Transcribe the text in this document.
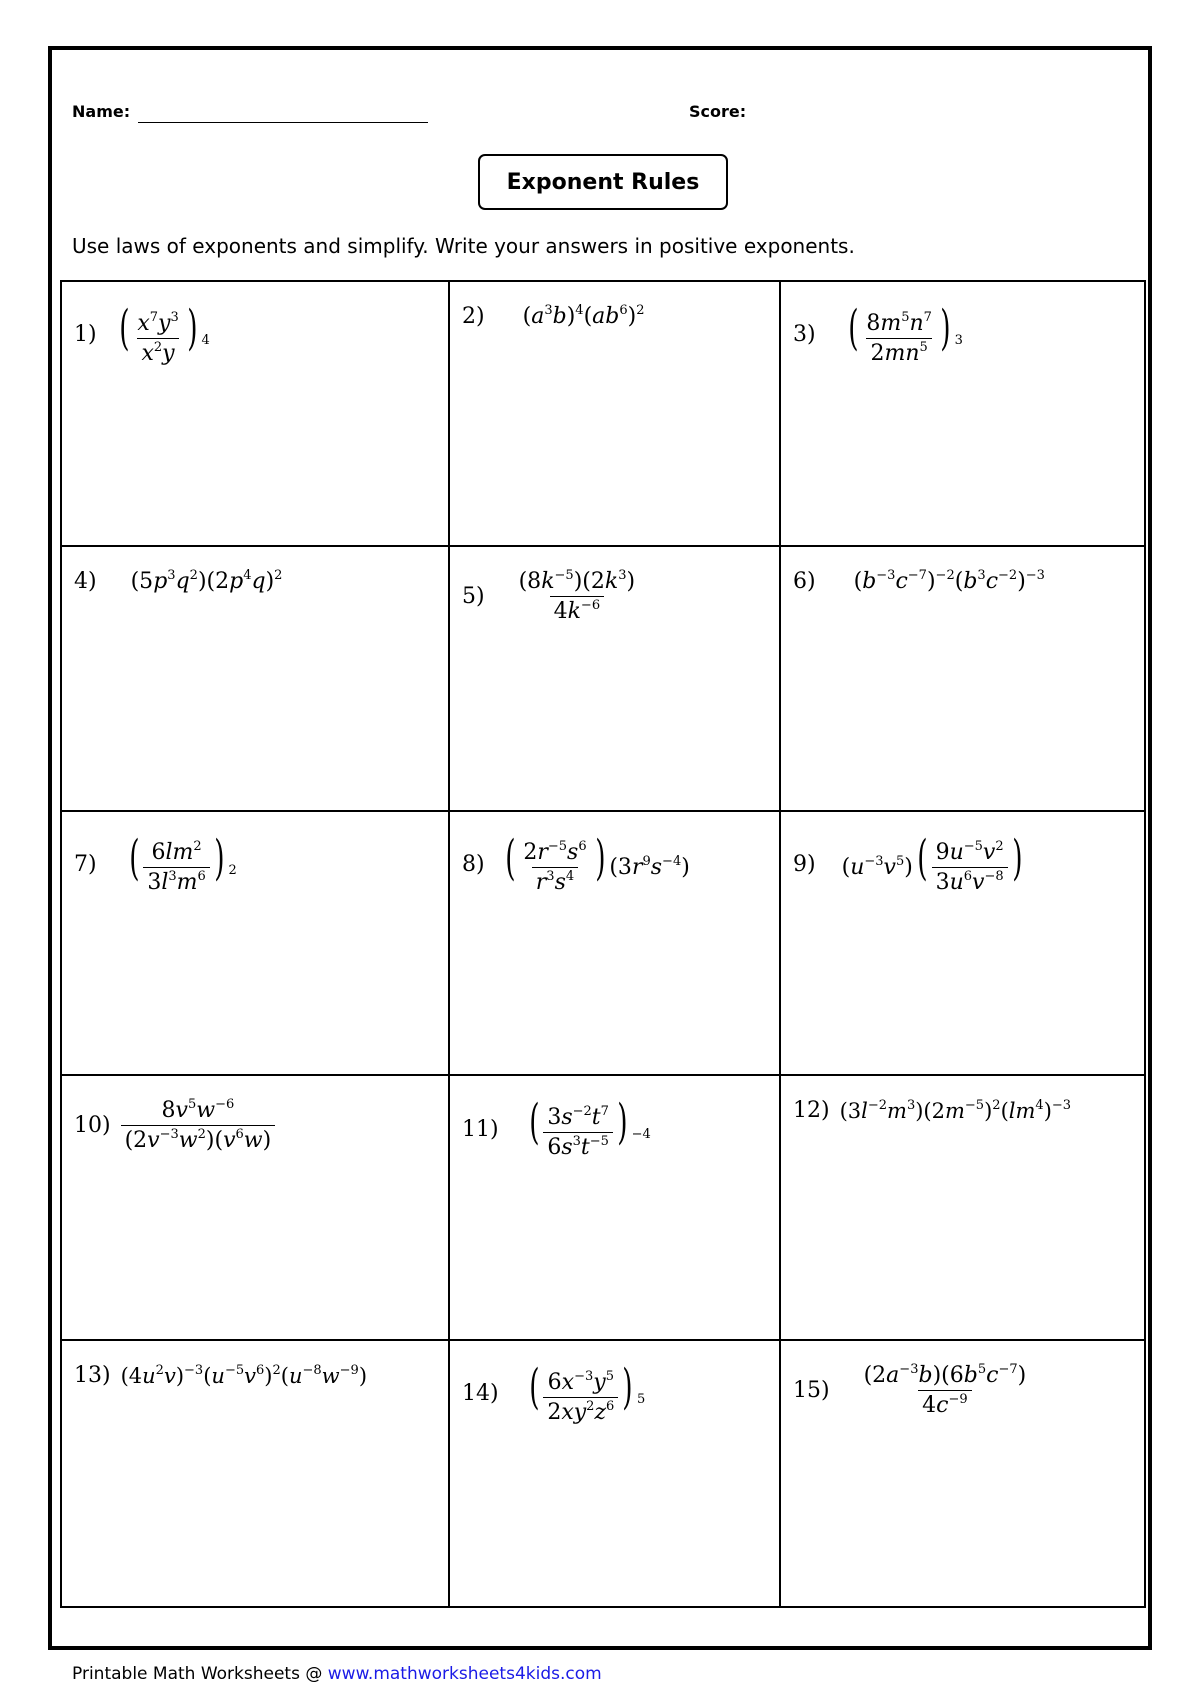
Name:	Score:
Exponent Rules
Use laws of exponents and simplify. Write your answers in positive exponents.
1) ( $\frac{x^7y^3}{x^2y}$ ) 4
2) $(a^3b)^4(ab^6)^2$
3) ( $\frac{8m^5n^7}{2mn^5}$ ) 3
4) $(5p^3q^2)(2p^4q)^2$
$5) \frac{(8k^{-5})(2k^3)}{4k^{-6}}$	6) $(b^{-3}c^{-7})^{-2}(b^3c^{-2})^{-3}$
7) ( $\frac{6lm^2}{3l^3m^6}$ ) 2	8) ( $\frac{2r^{-5}s^6}{r^3s^4}$ ) $(3r^9s^{-4})$	9) $(u^{-3}v^5)( \frac{9u^{-5}v^2}{3u^6v^{-8}}$ )
$10) \frac{8v^5w^{-6}}{(2v^{-3}w^2)(v^6w)}$	11) ( $\frac{3s^{-2}t^7}{6s^3t^{-5}}$ ) −4
12) $(3l^{-2}m^3)(2m^{-5})^2(lm^4)^{-3}$
13) $(4u^2v)^{-3}(u^{-5}v^6)^2(u^{-8}w^{-9})$
14) ( $\frac{6x^{-3}y^5}{2xy^2z^6}$ ) 5	$15) \frac{(2a^{-3}b)(6b^5c^{-7})}{4c^{-9}}$
Printable Math Worksheets @ www.mathworksheets4kids.com
